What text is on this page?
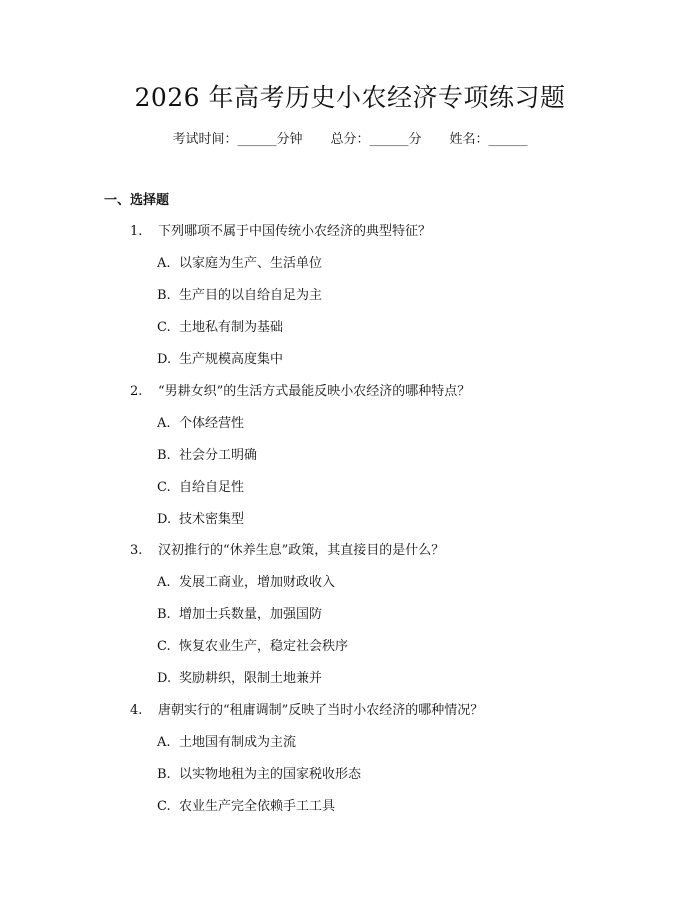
2026 年高考历史小农经济专项练习题
考试时间：______分钟 总分：______分 姓名：______
一、选择题
1. 下列哪项不属于中国传统小农经济的典型特征？
A. 以家庭为生产、生活单位
B. 生产目的以自给自足为主
C. 土地私有制为基础
D. 生产规模高度集中
2. “男耕女织”的生活方式最能反映小农经济的哪种特点？
A. 个体经营性
B. 社会分工明确
C. 自给自足性
D. 技术密集型
3. 汉初推行的“休养生息”政策，其直接目的是什么？
A. 发展工商业，增加财政收入
B. 增加士兵数量，加强国防
C. 恢复农业生产，稳定社会秩序
D. 奖励耕织，限制土地兼并
4. 唐朝实行的“租庸调制”反映了当时小农经济的哪种情况？
A. 土地国有制成为主流
B. 以实物地租为主的国家税收形态
C. 农业生产完全依赖手工工具
